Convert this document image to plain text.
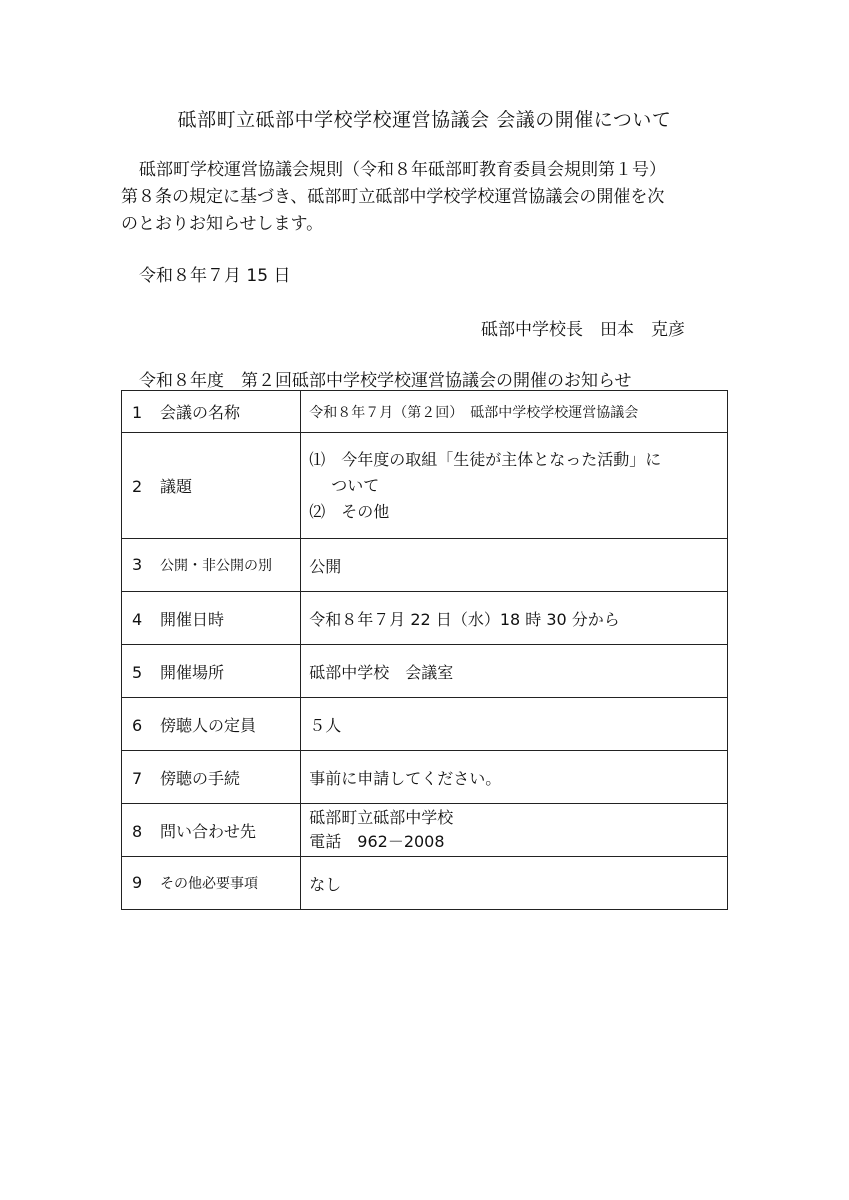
砥部町立砥部中学校学校運営協議会 会議の開催について

砥部町学校運営協議会規則（令和８年砥部町教育委員会規則第１号）

第８条の規定に基づき、砥部町立砥部中学校学校運営協議会の開催を次

のとおりお知らせします。

令和８年７月 15 日
砥部中学校長　田本　克彦
令和８年度　第２回砥部中学校学校運営協議会の開催のお知らせ
1 会議の名称	令和８年７月（第２回）　砥部中学校学校運営協議会
2 議題	⑴　今年度の取組「生徒が主体となった活動」に
ついて
⑵　その他

3 公開・非公開の別	公開
4 開催日時	令和８年７月 22 日（水）18 時 30 分から
5 開催場所	砥部中学校　会議室
6 傍聴人の定員	５人
7 傍聴の手続	事前に申請してください。
8 問い合わせ先	砥部町立砥部中学校
電話　962－2008

9 その他必要事項	なし
